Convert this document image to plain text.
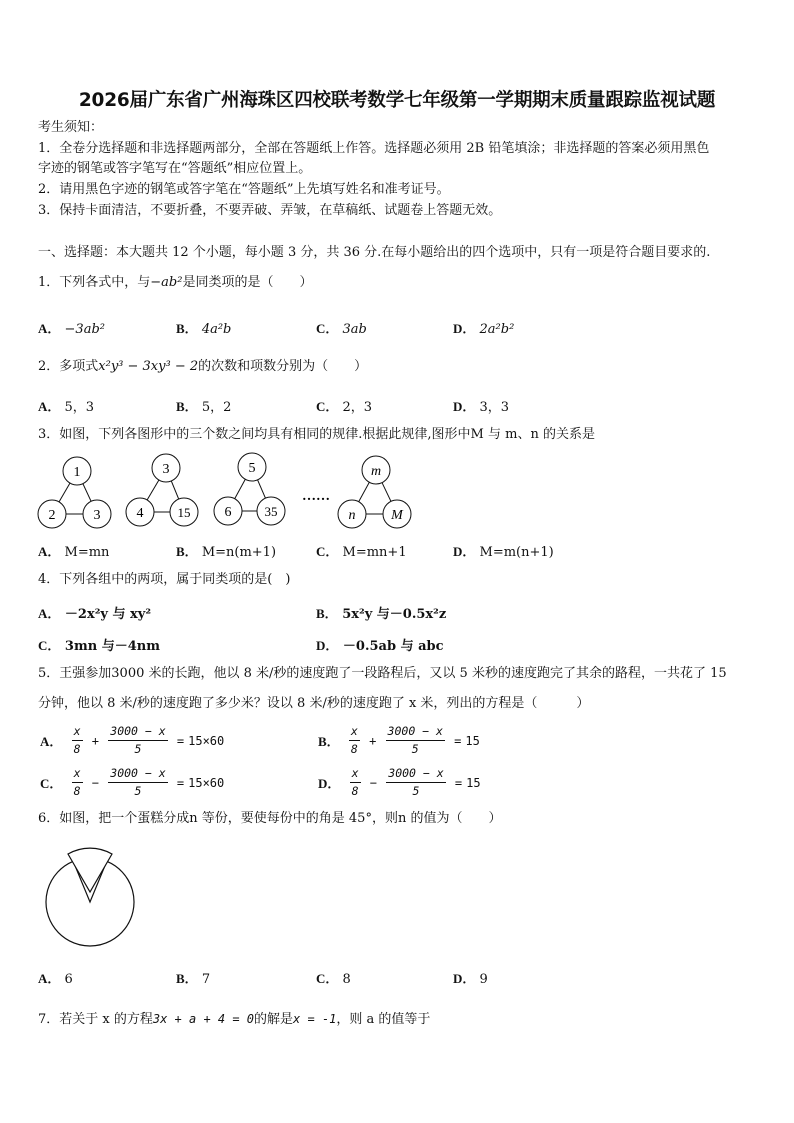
2026届广东省广州海珠区四校联考数学七年级第一学期期末质量跟踪监视试题
考生须知：
1．全卷分选择题和非选择题两部分，全部在答题纸上作答。选择题必须用 2B 铅笔填涂；非选择题的答案必须用黑色
字迹的钢笔或答字笔写在“答题纸”相应位置上。
2．请用黑色字迹的钢笔或答字笔在“答题纸”上先填写姓名和准考证号。
3．保持卡面清洁，不要折叠，不要弄破、弄皱，在草稿纸、试题卷上答题无效。
一、选择题：本大题共 12 个小题，每小题 3 分，共 36 分.在每小题给出的四个选项中，只有一项是符合题目要求的.
1．下列各式中，与−ab²是同类项的是（　　）
A． −3ab²	B． 4a²b	C． 3ab	D． 2a²b²
2．多项式x²y³ − 3xy³ − 2的次数和项数分别为（　　）
A． 5，3	B． 5，2	C． 2，3	D． 3，3
3．如图，下列各图形中的三个数之间均具有相同的规律.根据此规律,图形中M 与 m、n 的关系是
1
2	3
3
4	15
5
6	35
……
m
n	M
A． M=mn	B． M=n(m+1)	C． M=mn+1	D． M=m(n+1)
4．下列各组中的两项，属于同类项的是(　)
A． －2x²y 与 xy²	B． 5x²y 与－0.5x²z
C． 3mn 与－4nm	D． －0.5ab 与 abc
5．王强参加3000 米的长跑，他以 8 米/秒的速度跑了一段路程后，又以 5 米秒的速度跑完了其余的路程，一共花了 15
分钟，他以 8 米/秒的速度跑了多少米？设以 8 米/秒的速度跑了 x 米，列出的方程是（　　　）
A． $\frac{x}{8} + \frac{3000 - x}{5} = 15\times 60$	B． $\frac{x}{8} + \frac{3000 - x}{5} = 15$
C． $\frac{x}{8} - \frac{3000 - x}{5} = 15\times 60$	D． $\frac{x}{8} - \frac{3000 - x}{5} = 15$
6．如图，把一个蛋糕分成n 等份，要使每份中的角是 45°，则n 的值为（　　）
A． 6	B． 7	C． 8	D． 9
7．若关于 x 的方程3x + a + 4 = 0的解是x = -1，则 a 的值等于
